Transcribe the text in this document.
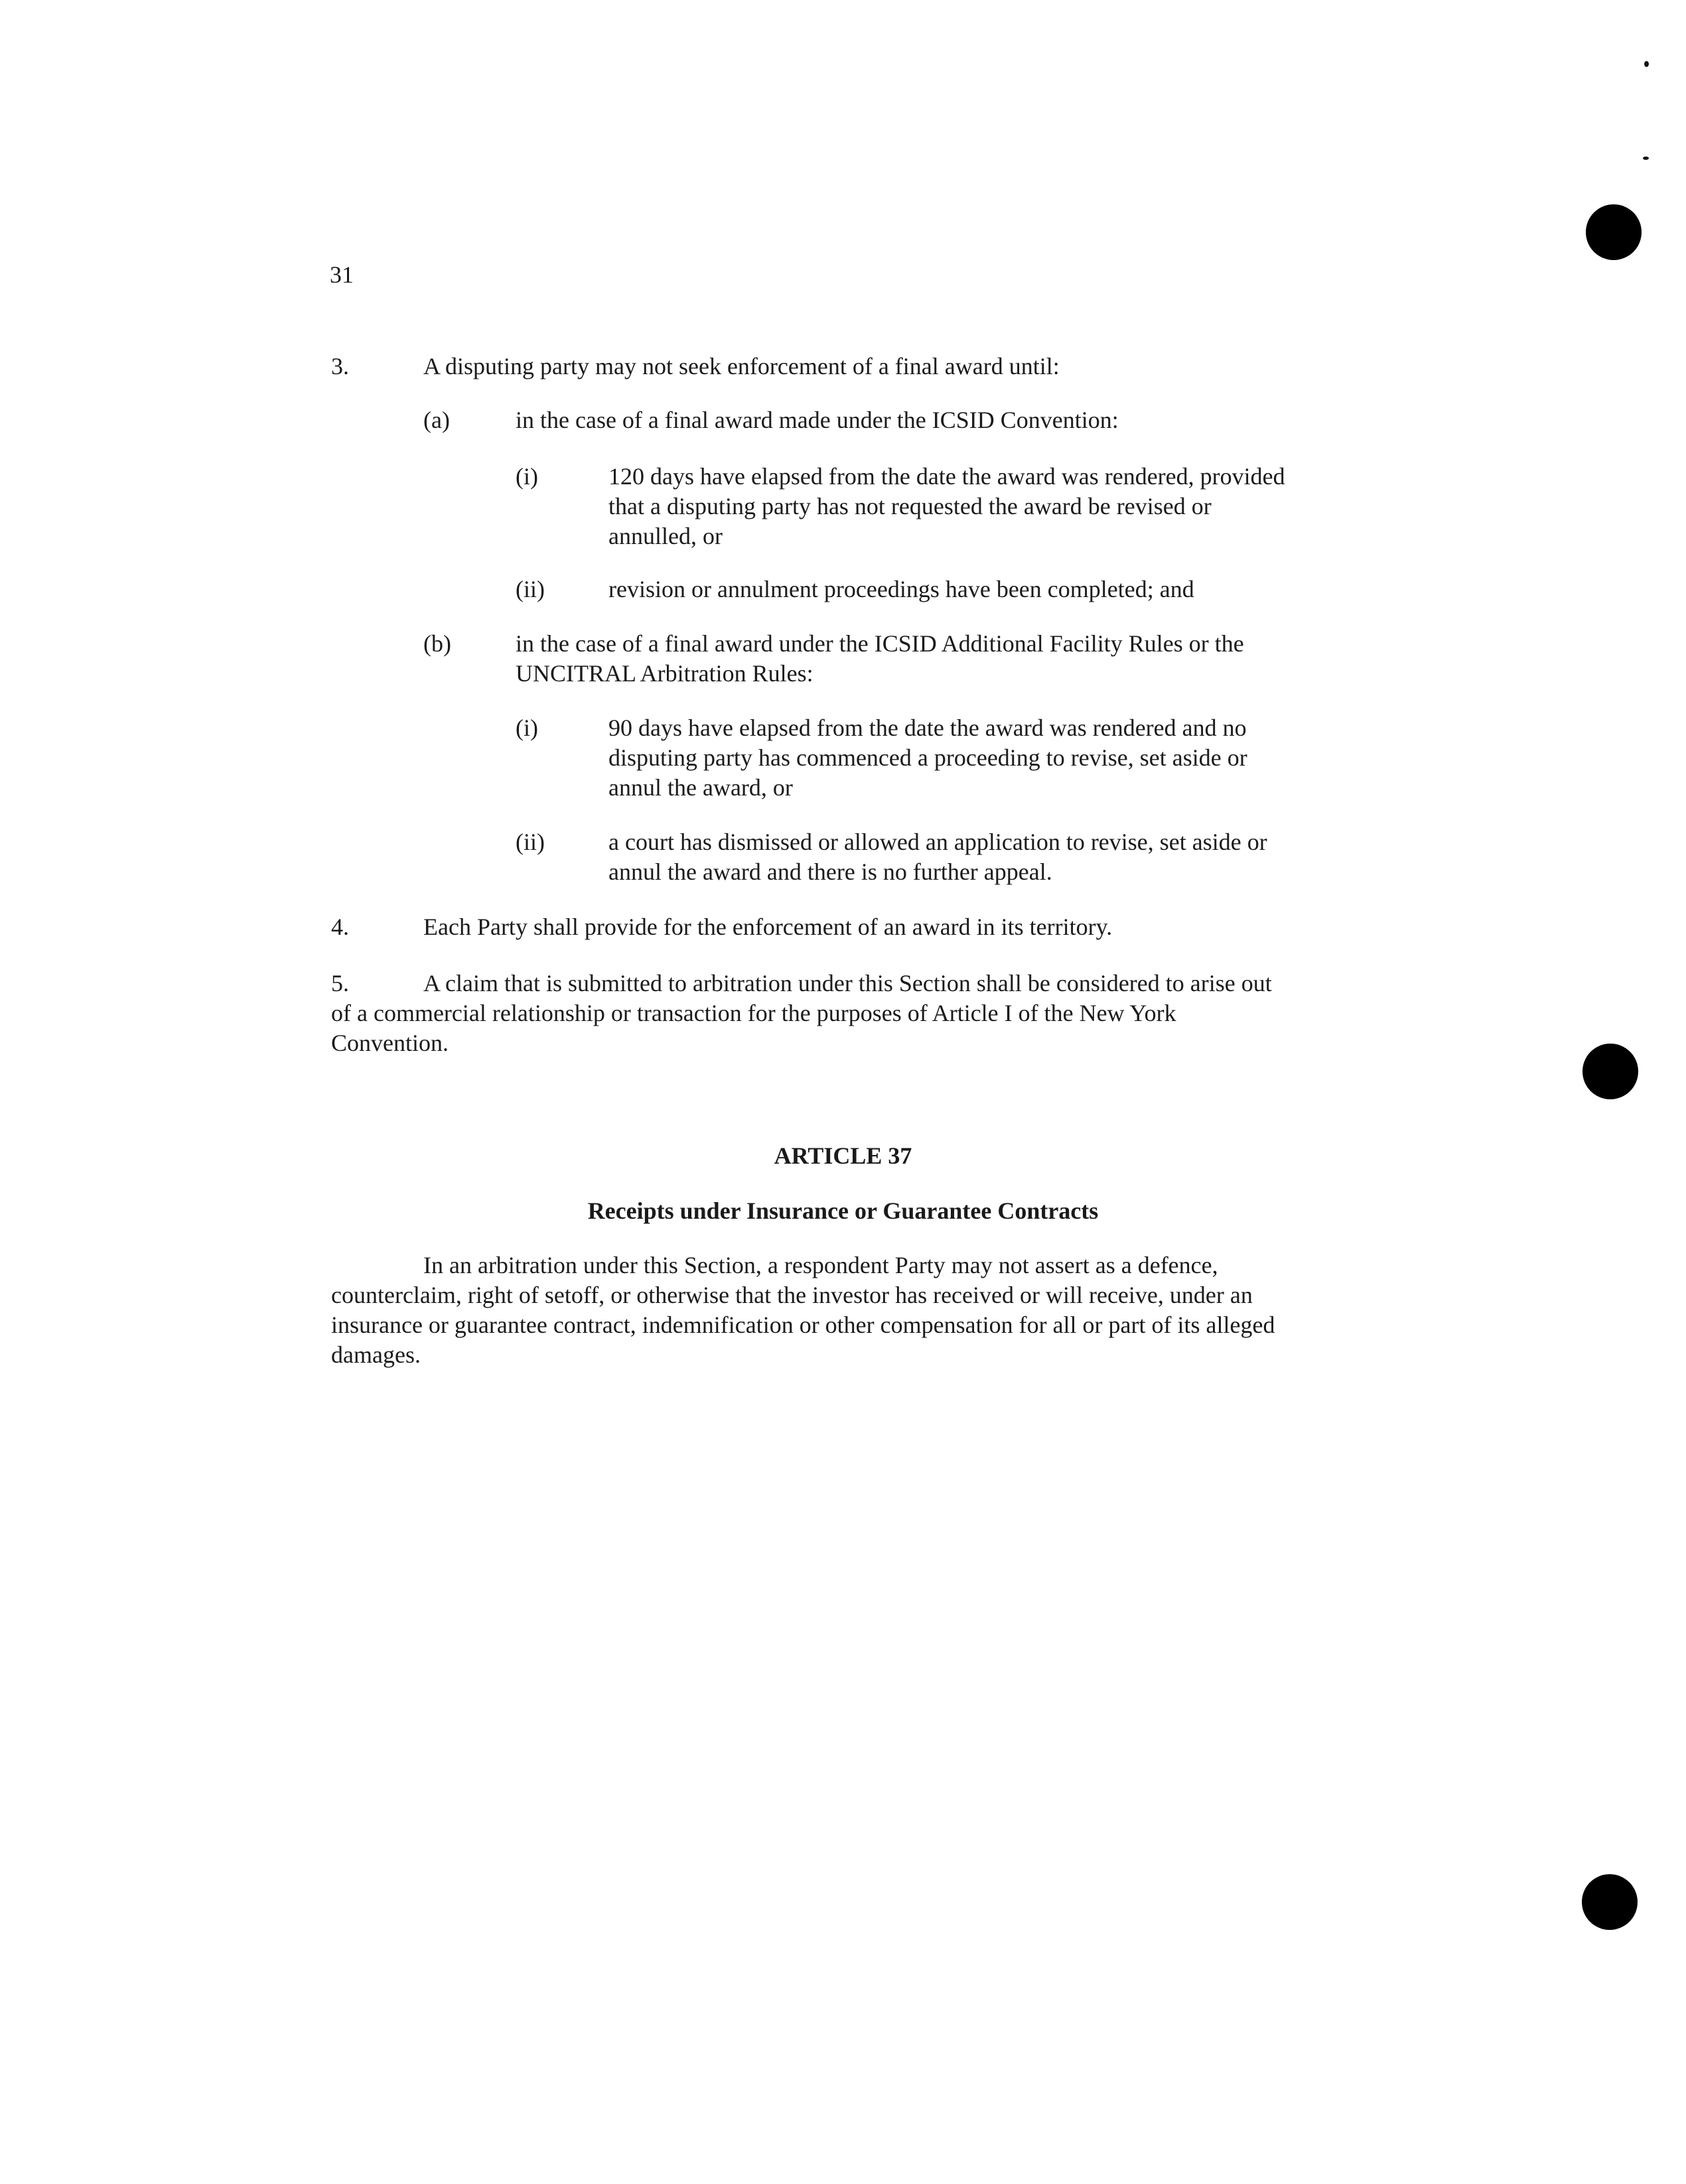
31
3.	A disputing party may not seek enforcement of a final award until:
(a)	in the case of a final award made under the ICSID Convention:
(i)	120 days have elapsed from the date the award was rendered, provided
that a disputing party has not requested the award be revised or
annulled, or
(ii)	revision or annulment proceedings have been completed; and
(b)	in the case of a final award under the ICSID Additional Facility Rules or the
UNCITRAL Arbitration Rules:
(i)	90 days have elapsed from the date the award was rendered and no
disputing party has commenced a proceeding to revise, set aside or
annul the award, or
(ii)	a court has dismissed or allowed an application to revise, set aside or
annul the award and there is no further appeal.
4.	Each Party shall provide for the enforcement of an award in its territory.
5.	A claim that is submitted to arbitration under this Section shall be considered to arise out
of a commercial relationship or transaction for the purposes of Article I of the New York
Convention.
ARTICLE 37
Receipts under Insurance or Guarantee Contracts
In an arbitration under this Section, a respondent Party may not assert as a defence,
counterclaim, right of setoff, or otherwise that the investor has received or will receive, under an
insurance or guarantee contract, indemnification or other compensation for all or part of its alleged
damages.
